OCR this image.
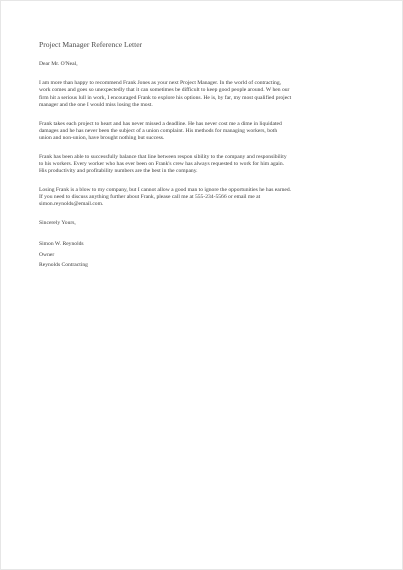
Project Manager Reference Letter
Dear Mr. O'Neal,
I am more than happy to recommend Frank Jones as your next Project Manager. In the world of contracting,
work comes and goes so unexpectedly that it can sometimes be difficult to keep good people around. W hen our
firm hit a serious lull in work, I encouraged Frank to explore his options. He is, by far, my most qualified project
manager and the one I would miss losing the most.
Frank takes each project to heart and has never missed a deadline. He has never cost me a dime in liquidated
damages and he has never been the subject of a union complaint. His methods for managing workers, both
union and non-union, have brought nothing but success.
Frank has been able to successfully balance that line between respon sibility to the company and responsibility
to his workers. Every worker who has ever been on Frank's crew has always requested to work for him again.
His productivity and profitability numbers are the best in the company.
Losing Frank is a blow to my company, but I cannot allow a good man to ignore the opportunities he has earned.
If you need to discuss anything further about Frank, please call me at 555-234-5566 or email me at
simon.reynolds@email.com.
Sincerely Yours,
Simon W. Reynolds
Owner
Reynolds Contracting
